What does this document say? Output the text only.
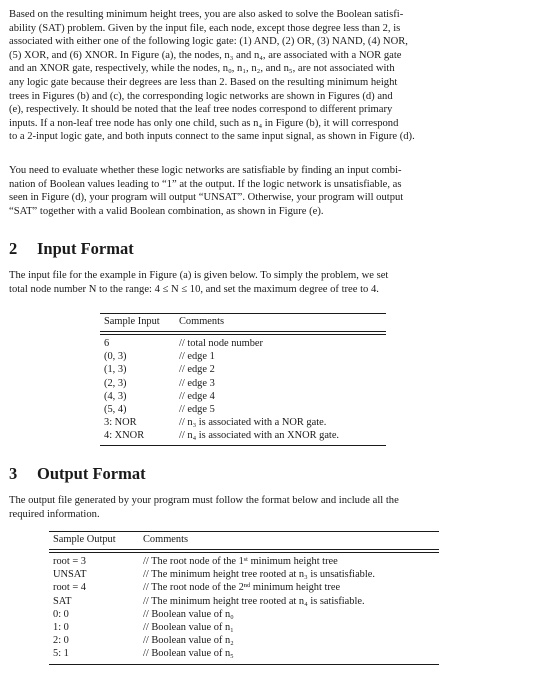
Based on the resulting minimum height trees, you are also asked to solve the Boolean satisfi-
ability (SAT) problem. Given by the input file, each node, except those degree less than 2, is
associated with either one of the following logic gate: (1) AND, (2) OR, (3) NAND, (4) NOR,
(5) XOR, and (6) XNOR. In Figure (a), the nodes, n₃ and n₄, are associated with a NOR gate
and an XNOR gate, respectively, while the nodes, n₀, n₁, n₂, and n₅, are not associated with
any logic gate because their degrees are less than 2. Based on the resulting minimum height
trees in Figures (b) and (c), the corresponding logic networks are shown in Figures (d) and
(e), respectively. It should be noted that the leaf tree nodes correspond to different primary
inputs. If a non-leaf tree node has only one child, such as n₄ in Figure (b), it will correspond
to a 2-input logic gate, and both inputs connect to the same input signal, as shown in Figure (d).
You need to evaluate whether these logic networks are satisfiable by finding an input combi-
nation of Boolean values leading to “1” at the output. If the logic network is unsatisfiable, as
seen in Figure (d), your program will output “UNSAT”. Otherwise, your program will output
“SAT” together with a valid Boolean combination, as shown in Figure (e).
2 Input Format
The input file for the example in Figure (a) is given below. To simply the problem, we set
total node number N to the range: 4 ≤ N ≤ 10, and set the maximum degree of tree to 4.
Sample Input Comments
6	// total node number
(0, 3)	// edge 1
(1, 3)	// edge 2
(2, 3)	// edge 3
(4, 3)	// edge 4
(5, 4)	// edge 5
3: NOR	// n₃ is associated with a NOR gate.
4: XNOR	// n₄ is associated with an XNOR gate.
3 Output Format
The output file generated by your program must follow the format below and include all the
required information.
Sample Output	Comments
root = 3	// The root node of the 1ˢᵗ minimum height tree
UNSAT	// The minimum height tree rooted at n₃ is unsatisfiable.
root = 4	// The root node of the 2ⁿᵈ minimum height tree
SAT	// The minimum height tree rooted at n₄ is satisfiable.
0: 0	// Boolean value of n₀
1: 0	// Boolean value of n₁
2: 0	// Boolean value of n₂
5: 1	// Boolean value of n₅
